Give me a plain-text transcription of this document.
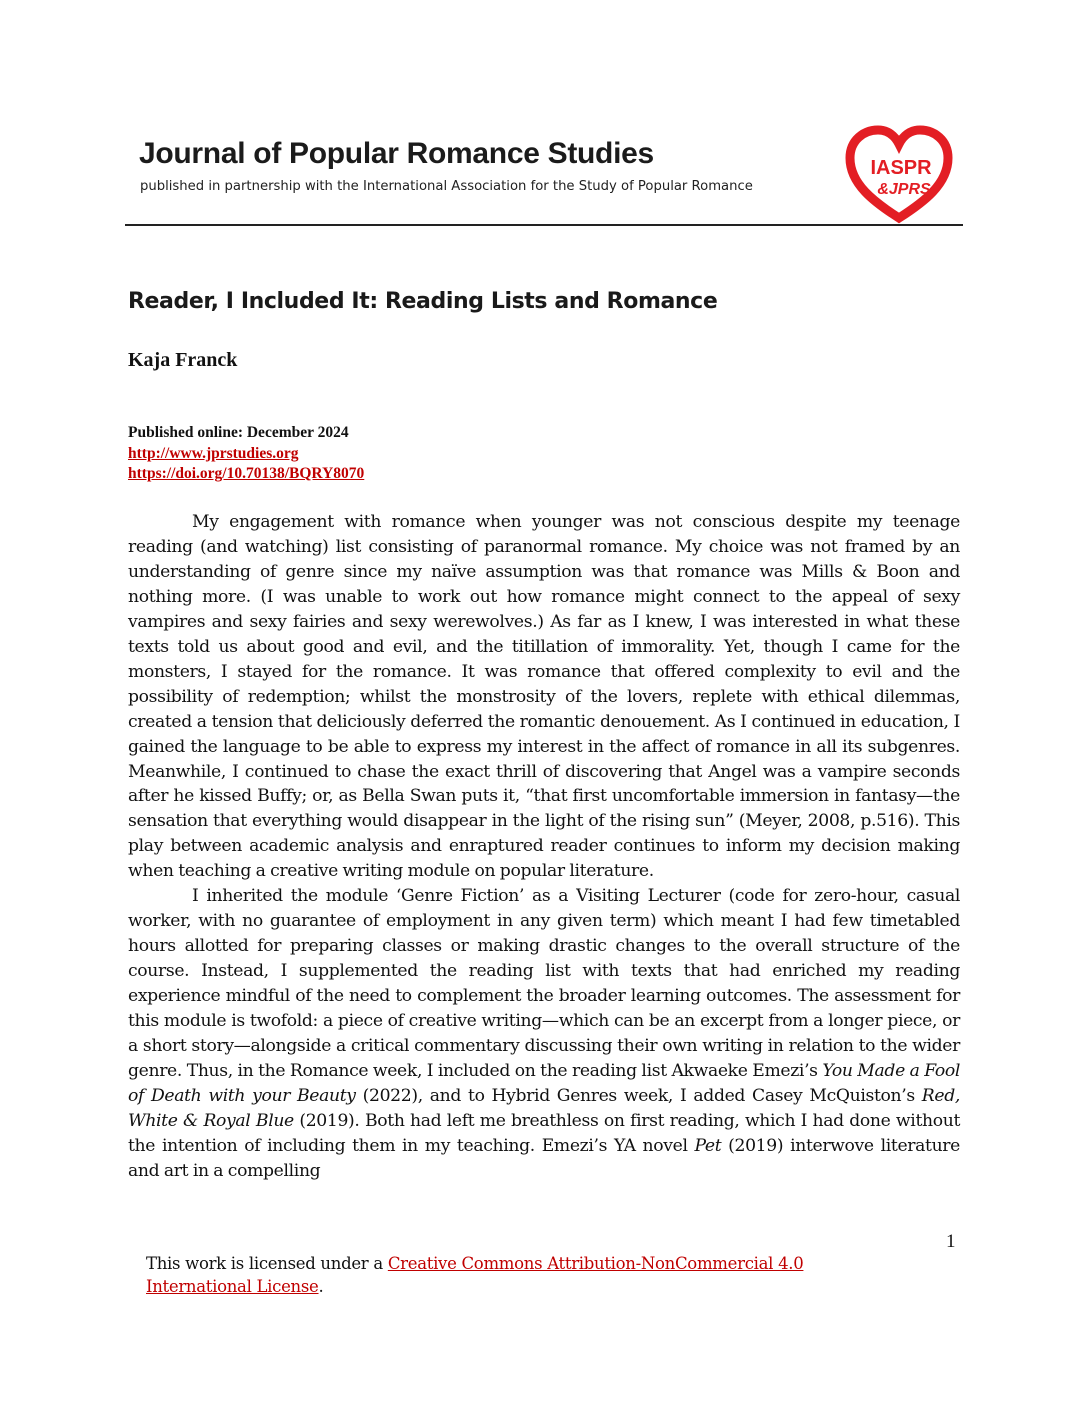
Journal of Popular Romance Studies
published in partnership with the International Association for the Study of Popular Romance
IASPR
&JPRS
Reader, I Included It: Reading Lists and Romance
Kaja Franck
Published online: December 2024
http://www.jprstudies.org
https://doi.org/10.70138/BQRY8070

My engagement with romance when younger was not conscious despite my teenage reading (and watching) list consisting of paranormal romance. My choice was not framed by an understanding of genre since my naïve assumption was that romance was Mills & Boon and nothing more. (I was unable to work out how romance might connect to the appeal of sexy vampires and sexy fairies and sexy werewolves.) As far as I knew, I was interested in what these texts told us about good and evil, and the titillation of immorality. Yet, though I came for the monsters, I stayed for the romance. It was romance that offered complexity to evil and the possibility of redemption; whilst the monstrosity of the lovers, replete with ethical dilemmas, created a tension that deliciously deferred the romantic denouement. As I continued in education, I gained the language to be able to express my interest in the affect of romance in all its subgenres. Meanwhile, I continued to chase the exact thrill of discovering that Angel was a vampire seconds after he kissed Buffy; or, as Bella Swan puts it, “that first uncomfortable immersion in fantasy—the sensation that everything would disappear in the light of the rising sun” (Meyer, 2008, p.516). This play between academic analysis and enraptured reader continues to inform my decision making when teaching a creative writing module on popular literature.

I inherited the module ‘Genre Fiction’ as a Visiting Lecturer (code for zero-hour, casual worker, with no guarantee of employment in any given term) which meant I had few timetabled hours allotted for preparing classes or making drastic changes to the overall structure of the course. Instead, I supplemented the reading list with texts that had enriched my reading experience mindful of the need to complement the broader learning outcomes. The assessment for this module is twofold: a piece of creative writing—which can be an excerpt from a longer piece, or a short story—alongside a critical commentary discussing their own writing in relation to the wider genre. Thus, in the Romance week, I included on the reading list Akwaeke Emezi’s You Made a Fool of Death with your Beauty (2022), and to Hybrid Genres week, I added Casey McQuiston’s Red, White & Royal Blue (2019). Both had left me breathless on first reading, which I had done without the intention of including them in my teaching. Emezi’s YA novel Pet (2019) interwove literature and art in a compelling

1
This work is licensed under a Creative Commons Attribution-NonCommercial 4.0 International License.
